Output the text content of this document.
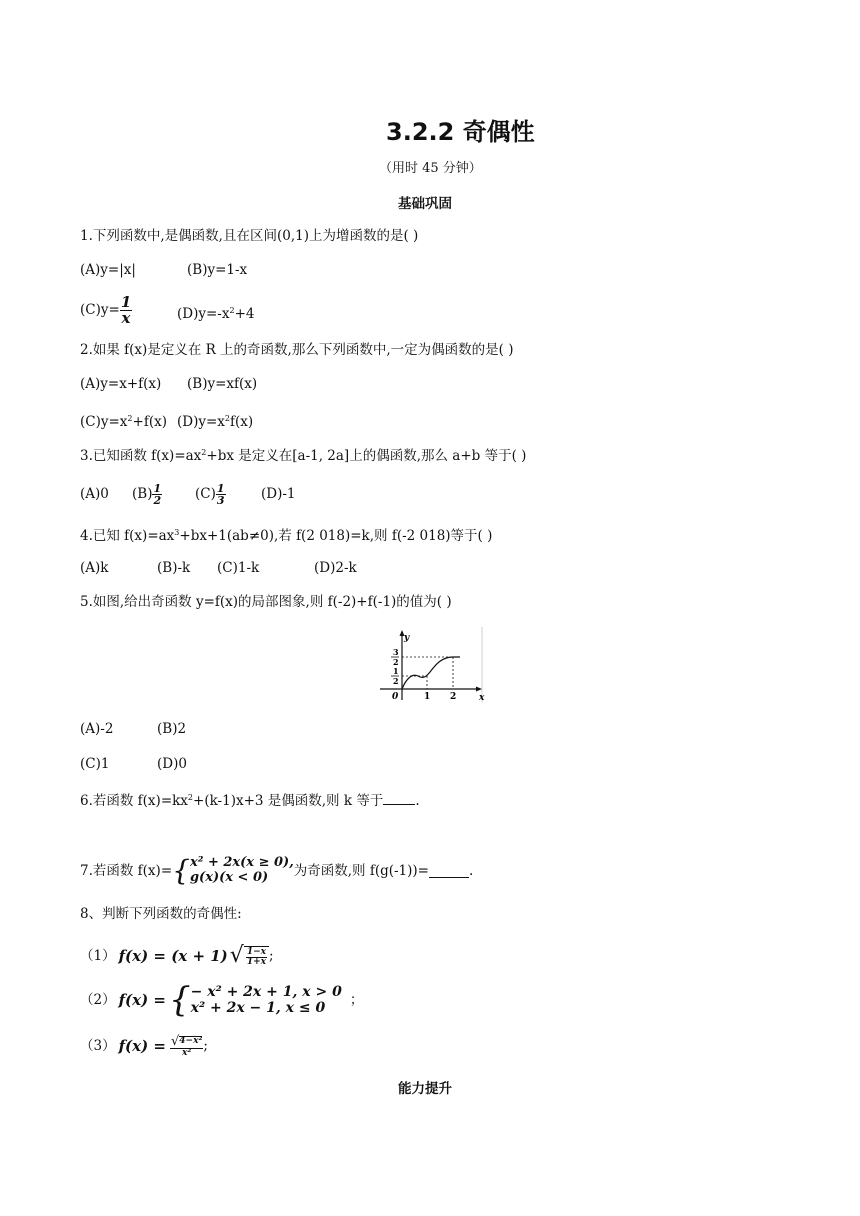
3.2.2 奇偶性
（用时 45 分钟）
基础巩固
1.下列函数中,是偶函数,且在区间(0,1)上为增函数的是( )
(A)y=|x|	(B)y=1-x
$(C)y= \frac{1}{x}$	$(D)y=-x^2+4$
2.如果 f(x)是定义在 R 上的奇函数,那么下列函数中,一定为偶函数的是( )
(A)y=x+f(x) (B)y=xf(x)
$(C)y=x^2+f(x)$ $(D)y=x^2f(x)$
3.已知函数 $f(x)=ax^2+bx$ 是定义在[a-1, 2a]上的偶函数,那么 a+b 等于( )
(A)0 $(B) \frac{1}{2} (C) \frac{1}{3}$	(D)-1
4.已知 $f(x)=ax^3+bx+1(ab\ne 0)$,若 f(2 018)=k,则 f(-2 018)等于( )
(A)k	(B)-k (C)1-k	(D)2-k
5.如图,给出奇函数 y=f(x)的局部图象,则 f(-2)+f(-1)的值为( )
y
x
0	1 2
3
2
1
2
(A)-2	(B)2
(C)1	(D)0
6.若函数 $f(x)=kx^2+(k-1)x+3$ 是偶函数,则 k 等于 .
7.若函数 f(x)= { x² + 2x(x ≥ 0),
g(x)(x < 0)	为奇函数,则 f(g(-1))=	.
8、判断下列函数的奇偶性:
（1） f(x) = (x + 1) √ $\frac{1-x}{1+x}$ ;
（2） f(x) = { − x² + 2x + 1, x > 0
x² + 2x − 1, x ≤ 0	；
（3） $f(x) = \frac{\text{√ 4−x²}}{\text{x²}}$ ;
能力提升
